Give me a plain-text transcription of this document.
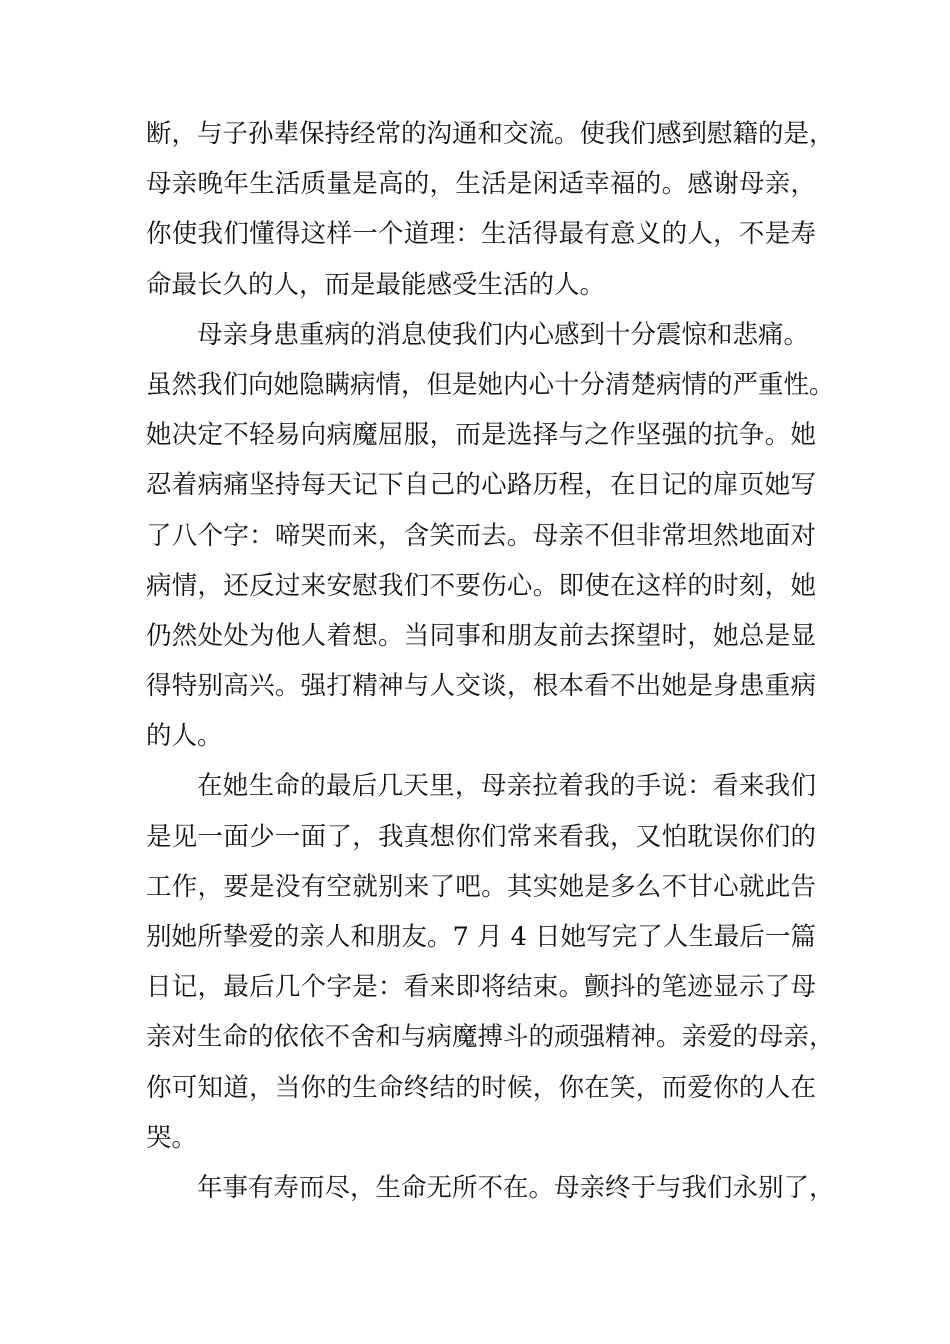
断，与子孙辈保持经常的沟通和交流。使我们感到慰籍的是，
母亲晚年生活质量是高的，生活是闲适幸福的。感谢母亲，
你使我们懂得这样一个道理：生活得最有意义的人，不是寿
命最长久的人，而是最能感受生活的人。
母亲身患重病的消息使我们内心感到十分震惊和悲痛。
虽然我们向她隐瞒病情，但是她内心十分清楚病情的严重性。
她决定不轻易向病魔屈服，而是选择与之作坚强的抗争。她
忍着病痛坚持每天记下自己的心路历程，在日记的扉页她写
了八个字：啼哭而来，含笑而去。母亲不但非常坦然地面对
病情，还反过来安慰我们不要伤心。即使在这样的时刻，她
仍然处处为他人着想。当同事和朋友前去探望时，她总是显
得特别高兴。强打精神与人交谈，根本看不出她是身患重病
的人。
在她生命的最后几天里，母亲拉着我的手说：看来我们
是见一面少一面了，我真想你们常来看我，又怕耽误你们的
工作，要是没有空就别来了吧。其实她是多么不甘心就此告
别她所挚爱的亲人和朋友。7 月 4 日她写完了人生最后一篇
日记，最后几个字是：看来即将结束。颤抖的笔迹显示了母
亲对生命的依依不舍和与病魔搏斗的顽强精神。亲爱的母亲，
你可知道，当你的生命终结的时候，你在笑，而爱你的人在
哭。
年事有寿而尽，生命无所不在。母亲终于与我们永别了，
